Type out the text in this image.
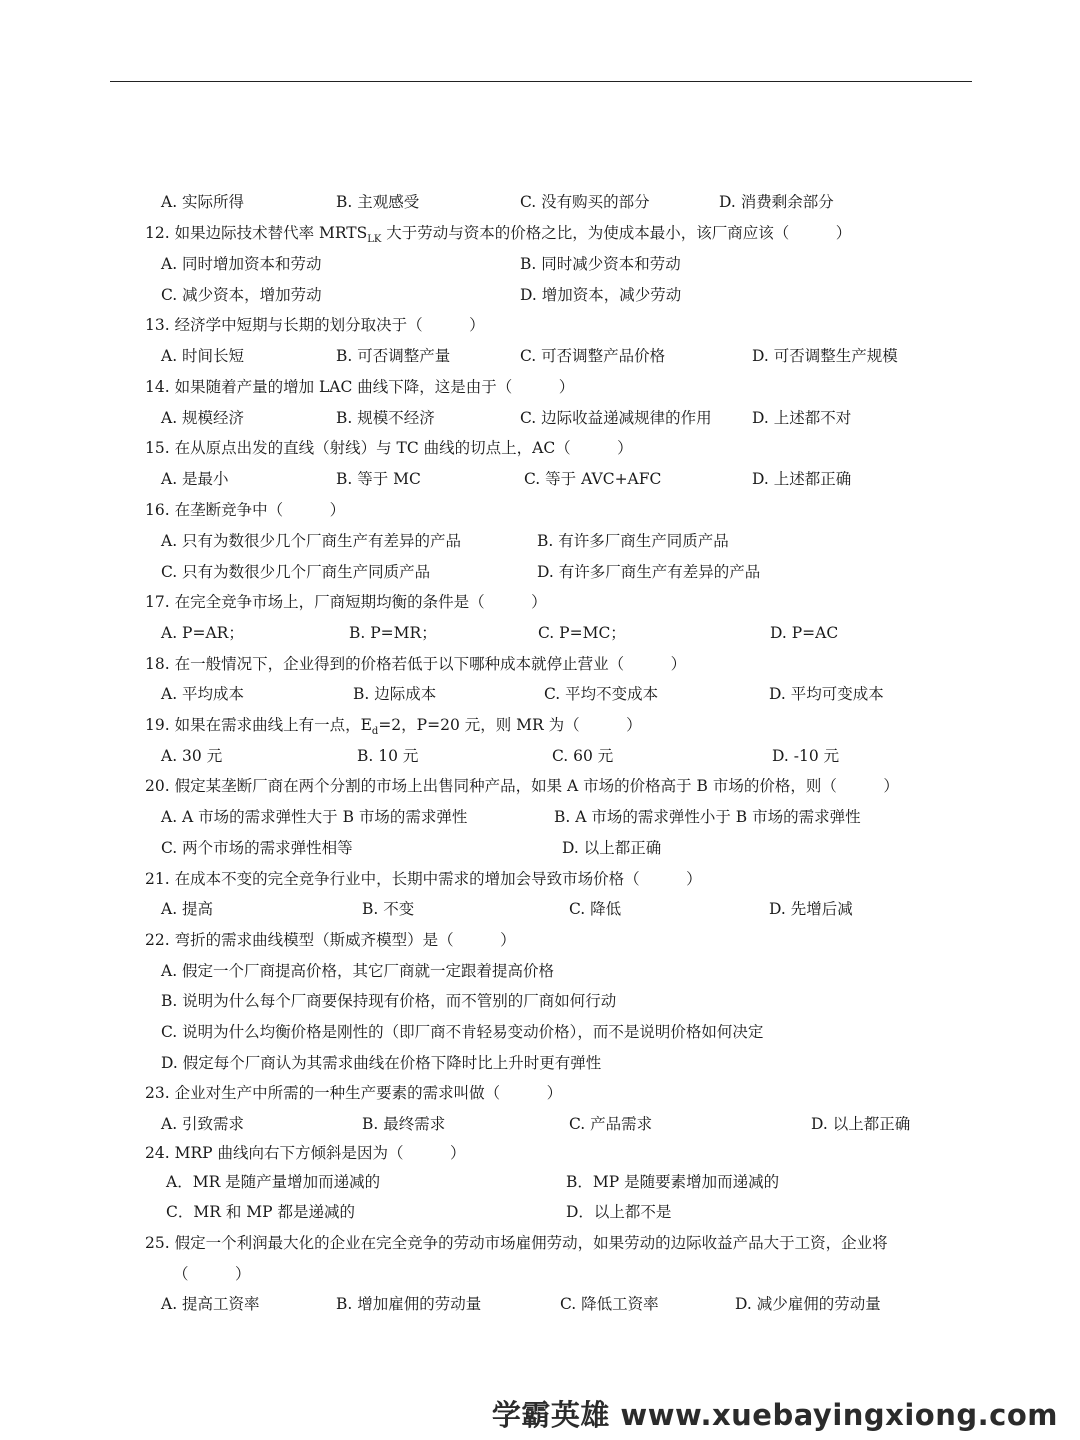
A. 实际所得	B. 主观感受	C. 没有购买的部分	D. 消费剩余部分
12. 如果边际技术替代率 $MRTS_{LK}$ 大于劳动与资本的价格之比，为使成本最小，该厂商应该（　　　）
A. 同时增加资本和劳动	B. 同时减少资本和劳动
C. 减少资本，增加劳动	D. 增加资本，减少劳动
13. 经济学中短期与长期的划分取决于（　　　）
A. 时间长短	B. 可否调整产量	C. 可否调整产品价格	D. 可否调整生产规模
14. 如果随着产量的增加 LAC 曲线下降，这是由于（　　　）
A. 规模经济	B. 规模不经济	C. 边际收益递减规律的作用	D. 上述都不对
15. 在从原点出发的直线（射线）与 TC 曲线的切点上，AC（　　　）
A. 是最小	B. 等于 MC	C. 等于 AVC+AFC	D. 上述都正确
16. 在垄断竞争中（　　　）
A. 只有为数很少几个厂商生产有差异的产品	B. 有许多厂商生产同质产品
C. 只有为数很少几个厂商生产同质产品	D. 有许多厂商生产有差异的产品
17. 在完全竞争市场上，厂商短期均衡的条件是（　　　）
A. P=AR；	B. P=MR；	C. P=MC；	D. P=AC
18. 在一般情况下，企业得到的价格若低于以下哪种成本就停止营业（　　　）
A. 平均成本	B. 边际成本	C. 平均不变成本	D. 平均可变成本
19. 如果在需求曲线上有一点，$E_d=2$，P=20 元，则 MR 为（　　　）
A. 30 元	B. 10 元	C. 60 元	D. -10 元
20. 假定某垄断厂商在两个分割的市场上出售同种产品，如果 A 市场的价格高于 B 市场的价格，则（　　　）
A. A 市场的需求弹性大于 B 市场的需求弹性	B. A 市场的需求弹性小于 B 市场的需求弹性
C. 两个市场的需求弹性相等	D. 以上都正确
21. 在成本不变的完全竞争行业中，长期中需求的增加会导致市场价格（　　　）
A. 提高	B. 不变	C. 降低	D. 先增后减
22. 弯折的需求曲线模型（斯威齐模型）是（　　　）
A. 假定一个厂商提高价格，其它厂商就一定跟着提高价格
B. 说明为什么每个厂商要保持现有价格，而不管别的厂商如何行动
C. 说明为什么均衡价格是刚性的（即厂商不肯轻易变动价格），而不是说明价格如何决定
D. 假定每个厂商认为其需求曲线在价格下降时比上升时更有弹性
23. 企业对生产中所需的一种生产要素的需求叫做（　　　）
A. 引致需求	B. 最终需求	C. 产品需求	D. 以上都正确
24. MRP 曲线向右下方倾斜是因为（　　　）
A．MR 是随产量增加而递减的	B．MP 是随要素增加而递减的
C．MR 和 MP 都是递减的	D．以上都不是
25. 假定一个利润最大化的企业在完全竞争的劳动市场雇佣劳动，如果劳动的边际收益产品大于工资，企业将
（　　　）
A. 提高工资率	B. 增加雇佣的劳动量	C. 降低工资率	D. 减少雇佣的劳动量
学霸英雄 www.xuebayingxiong.com
